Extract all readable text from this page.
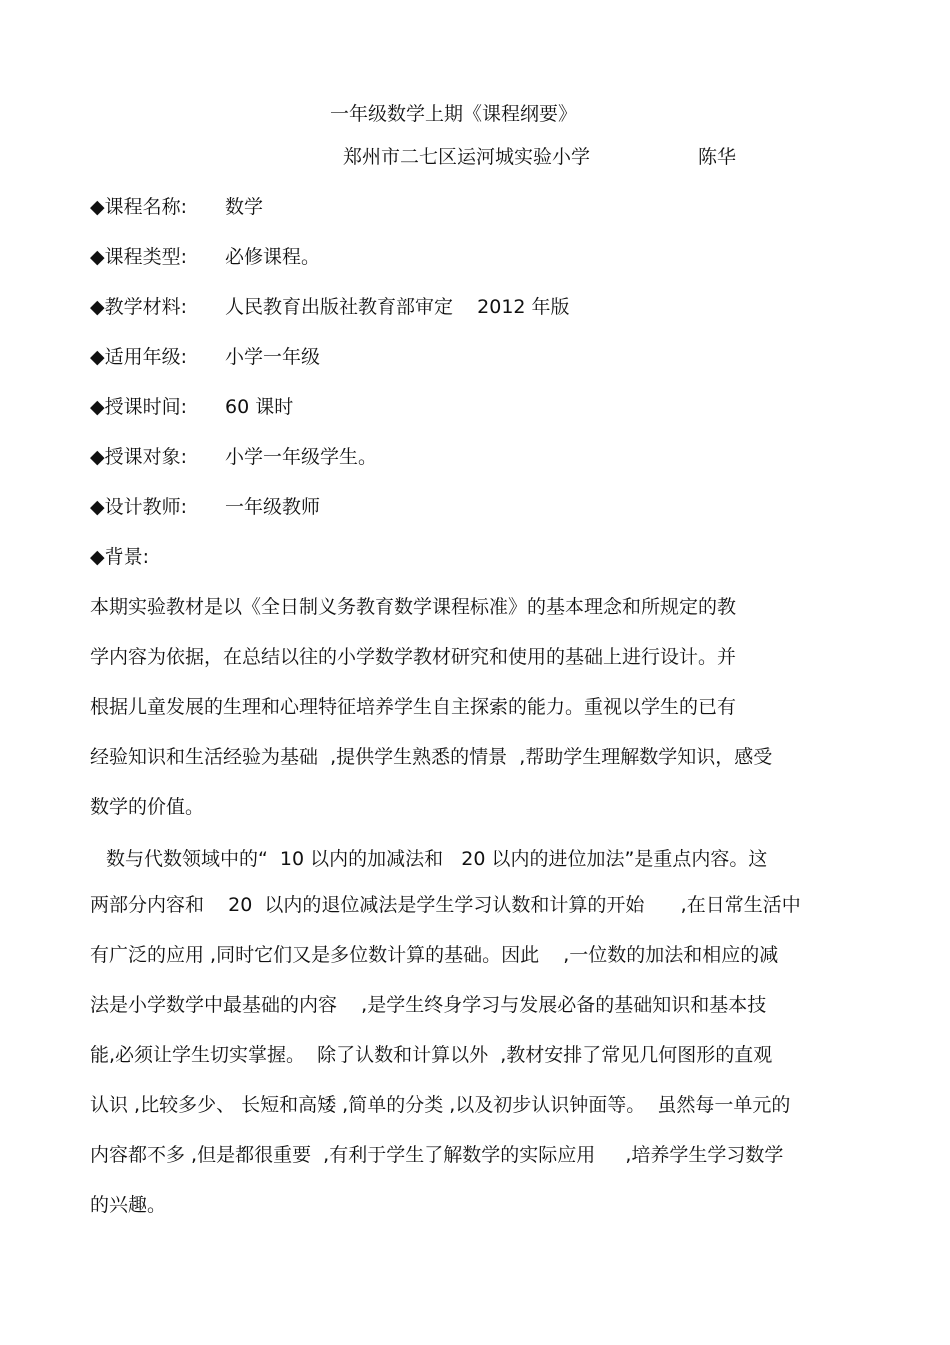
一年级数学上期《课程纲要》
郑州市二七区运河城实验小学	陈华
◆课程名称: 数学
◆课程类型: 必修课程。
◆教学材料: 人民教育出版社教育部审定    2012 年版
◆适用年级: 小学一年级
◆授课时间: 60 课时
◆授课对象: 小学一年级学生。
◆设计教师: 一年级教师
◆背景:
本期实验教材是以《全日制义务教育数学课程标准》的基本理念和所规定的教
学内容为依据，在总结以往的小学数学教材研究和使用的基础上进行设计。并
根据儿童发展的生理和心理特征培养学生自主探索的能力。重视以学生的已有
经验知识和生活经验为基础  ,提供学生熟悉的情景  ,帮助学生理解数学知识，感受
数学的价值。
数与代数领域中的“  10 以内的加减法和   20 以内的进位加法”是重点内容。这
两部分内容和    20  以内的退位减法是学生学习认数和计算的开始      ,在日常生活中
有广泛的应用 ,同时它们又是多位数计算的基础。因此    ,一位数的加法和相应的减
法是小学数学中最基础的内容    ,是学生终身学习与发展必备的基础知识和基本技
能,必须让学生切实掌握。  除了认数和计算以外  ,教材安排了常见几何图形的直观
认识 ,比较多少、 长短和高矮 ,简单的分类 ,以及初步认识钟面等。  虽然每一单元的
内容都不多 ,但是都很重要  ,有利于学生了解数学的实际应用     ,培养学生学习数学
的兴趣。
